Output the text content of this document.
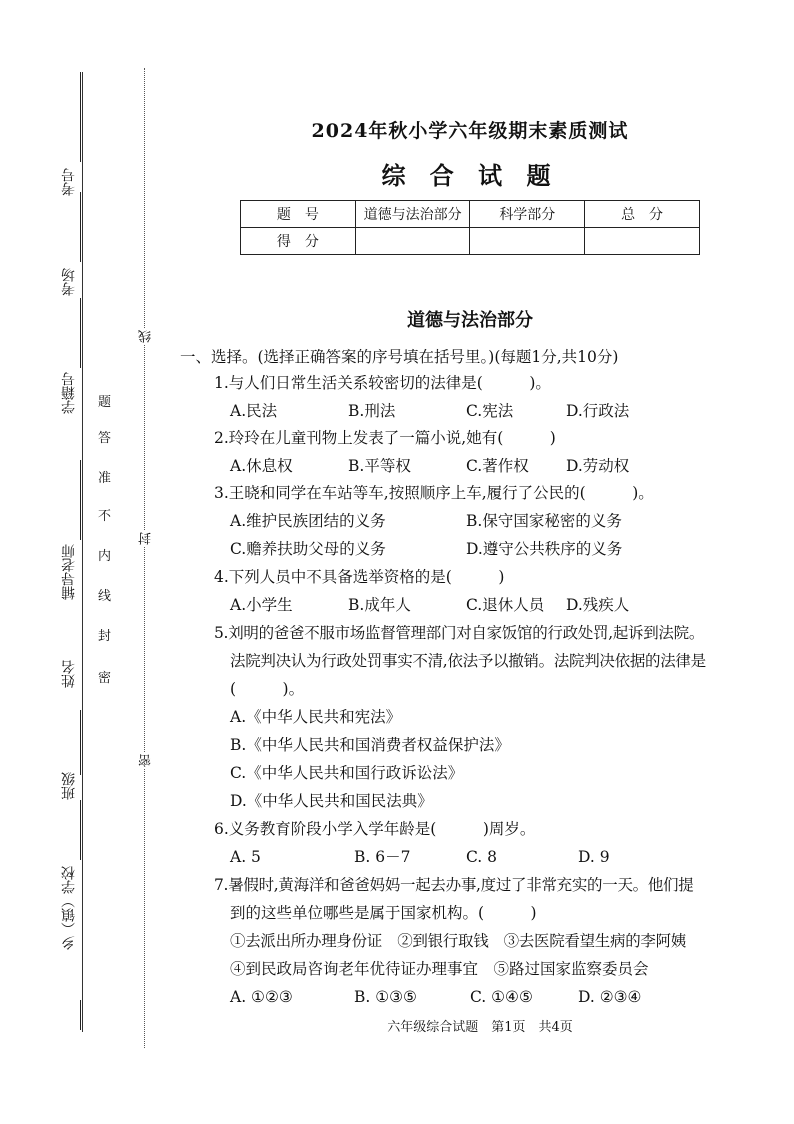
考号
考场
学籍号
辅导老师
姓名
班级
乡（镇）学校
线
封
密
密
封
线
内
不
准
答
题
2024年秋小学六年级期末素质测试
综 合 试 题
题　号	道德与法治部分	科学部分	总　分
得　分			
道德与法治部分
一、选择。(选择正确答案的序号填在括号里。)(每题1分,共10分)
1.与人们日常生活关系较密切的法律是(　　　)。
A.民法	B.刑法	C.宪法	D.行政法
2.玲玲在儿童刊物上发表了一篇小说,她有(　　　)
A.休息权	B.平等权	C.著作权 D.劳动权
3.王晓和同学在车站等车,按照顺序上车,履行了公民的(　　　)。
A.维护民族团结的义务	B.保守国家秘密的义务
C.赡养扶助父母的义务	D.遵守公共秩序的义务
4.下列人员中不具备选举资格的是(　　　)
A.小学生	B.成年人	C.退休人员 D.残疾人
5.刘明的爸爸不服市场监督管理部门对自家饭馆的行政处罚,起诉到法院。
法院判决认为行政处罚事实不清,依法予以撤销。法院判决依据的法律是
(　　　)。
A.《中华人民共和宪法》
B.《中华人民共和国消费者权益保护法》
C.《中华人民共和国行政诉讼法》
D.《中华人民共和国民法典》
6.义务教育阶段小学入学年龄是(　　　)周岁。
A. 5	B. 6－7	C. 8	D. 9
7.暑假时,黄海洋和爸爸妈妈一起去办事,度过了非常充实的一天。他们提
到的这些单位哪些是属于国家机构。(　　　)
①去派出所办理身份证　②到银行取钱　③去医院看望生病的李阿姨
④到民政局咨询老年优待证办理事宜　⑤路过国家监察委员会
A. ①②③	B. ①③⑤	C. ①④⑤	D. ②③④
六年级综合试题　第1页　共4页
